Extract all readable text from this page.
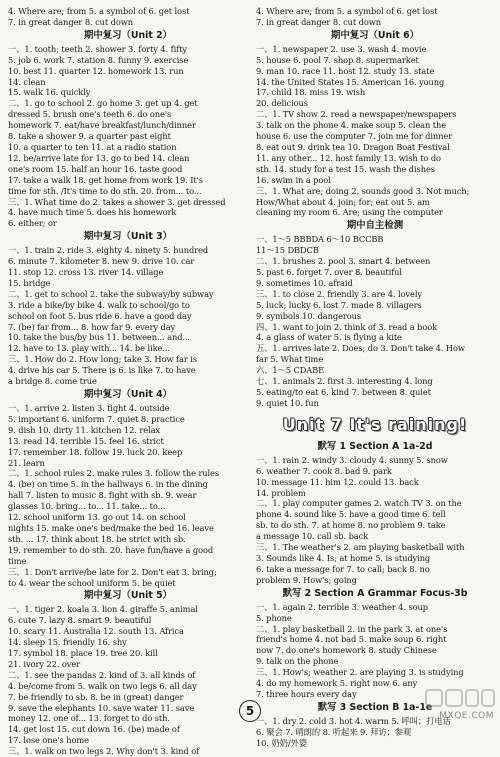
4. Where are; from 5. a symbol of 6. get lost
7. in great danger 8. cut down
期中复习（Unit 2）
一、1. tooth; teeth 2. shower 3. forty 4. fifty
5. job 6. work 7. station 8. funny 9. exercise
10. best 11. quarter 12. homework 13. run
14. clean
15. walk 16. quickly
二、1. go to school 2. go home 3. get up 4. get
dressed 5. brush one's teeth 6. do one's
homework 7. eat/have breakfast/lunch/dinner
8. take a shower 9. a quarter past eight
10. a quarter to ten 11. at a radio station
12. be/arrive late for 13. go to bed 14. clean
one's room 15. half an hour 16. taste good
17. take a walk 18. get home from work 19. It's
time for sth. /It's time to do sth. 20. from... to...
三、1. What time do 2. takes a shower 3. get dressed
4. have much time 5. does his homework
6. either; or
期中复习（Unit 3）
一、1. train 2. ride 3. eighty 4. ninety 5. hundred
6. minute 7. kilometer 8. new 9. drive 10. car
11. stop 12. cross 13. river 14. village
15. bridge
二、1. get to school 2. take the subway/by subway
3. ride a bike/by bike 4. walk to school/go to
school on foot 5. bus ride 6. have a good day
7. (be) far from... 8. how far 9. every day
10. take the bus/by bus 11. between... and...
12. have to 13. play with... 14. be like...
三、1. How do 2. How long; take 3. How far is
4. drive his car 5. There is 6. is like 7. to have
a bridge 8. come true
期中复习（Unit 4）
一、1. arrive 2. listen 3. fight 4. outside
5. important 6. uniform 7. quiet 8. practice
9. dish 10. dirty 11. kitchen 12. relax
13. read 14. terrible 15. feel 16. strict
17. remember 18. follow 19. luck 20. keep
21. learn
二、1. school rules 2. make rules 3. follow the rules
4. (be) on time 5. in the hallways 6. in the dining
hall 7. listen to music 8. fight with sb. 9. wear
glasses 10. bring... to... 11. take... to...
12. school uniform 13. go out 14. on school
nights 15. make one's bed/make the bed 16. leave
sth. ... 17. think about 18. be strict with sb.
19. remember to do sth. 20. have fun/have a good
time
三、1. Don't arrive/be late for 2. Don't eat 3. bring;
to 4. wear the school uniform 5. be quiet
期中复习（Unit 5）
一、1. tiger 2. koala 3. lion 4. giraffe 5. animal
6. cute 7. lazy 8. smart 9. beautiful
10. scary 11. Australia 12. south 13. Africa
14. sleep 15. friendly 16. shy
17. symbol 18. place 19. tree 20. kill
21. ivory 22. over
二、1. see the pandas 2. kind of 3. all kinds of
4. be/come from 5. walk on two legs 6. all day
7. be friendly to sb. 8. be in (great) danger
9. save the elephants 10. save water 11. save
money 12. one of... 13. forget to do sth.
14. get lost 15. cut down 16. (be) made of
17. lose one's home
三、1. walk on two legs 2. Why don't 3. kind of
4. Where are; from 5. a symbol of 6. get lost
7. in great danger 8. cut down
期中复习（Unit 6）
一、1. newspaper 2. use 3. wash 4. movie
5. house 6. pool 7. shop 8. supermarket
9. man 10. race 11. host 12. study 13. state
14. the United States 15. American 16. young
17. child 18. miss 19. wish
20. delicious
二、1. TV show 2. read a newspaper/newspapers
3. talk on the phone 4. make soup 5. clean the
house 6. use the computer 7. join me for dinner
8. eat out 9. drink tea 10. Dragon Boat Festival
11. any other... 12. host family 13. wish to do
sth. 14. study for a test 15. wash the dishes
16. swim in a pool
三、1. What are; doing 2. sounds good 3. Not much;
How/What about 4. join; for; eat out 5. am
cleaning my room 6. Are; using the computer
期中自主检测
一、1～5 BBBDA 6～10 BCCBB
11～15 DBDCB
二、1. brushes 2. pool 3. smart 4. between
5. past 6. forget 7. over 8. beautiful
9. sometimes 10. afraid
三、1. to close 2. friendly 3. are 4. lovely
5. luck; lucky 6. lost 7. made 8. villagers
9. symbols 10. dangerous
四、1. want to join 2. think of 3. read a book
4. a glass of water 5. is flying a kite
五、1. arrives late 2. Does; do 3. Don't take 4. How
far 5. What time
六、1～5 CDABE
七、1. animals 2. first 3. interesting 4. long
5. eating/to eat 6. kind 7. between 8. quiet
9. quiet 10. fun
Unit 7 It's raining!
默写 1 Section A 1a-2d
一、1. rain 2. windy 3. cloudy 4. sunny 5. snow
6. weather 7. cook 8. bad 9. park
10. message 11. him 12. could 13. back
14. problem
二、1. play computer games 2. watch TV 3. on the
phone 4. sound like 5. have a good time 6. tell
sb. to do sth. 7. at home 8. no problem 9. take
a message 10. call sb. back
三、1. The weather's 2. am playing basketball with
3. Sounds like 4. Is; at home 5. is studying
6. take a message for 7. to call; back 8. no
problem 9. How's; going
默写 2 Section A Grammar Focus-3b
一、1. again 2. terrible 3. weather 4. soup
5. phone
二、1. play basketball 2. in the park 3. at one's
friend's home 4. not bad 5. make soup 6. right
now 7. do one's homework 8. study Chinese
9. talk on the phone
三、1. How's; weather 2. are playing 3. is studying
4. do my homework 5. right now 6. any
7. three hours every day
默写 3 Section B 1a-1e
一、1. dry 2. cold 3. hot 4. warm 5. 呼叫；打电话
6. 聚会 7. 晴朗的 8. 听起来 9. 拜访；参观
10. 奶奶/外婆
5	MXQE.COM
